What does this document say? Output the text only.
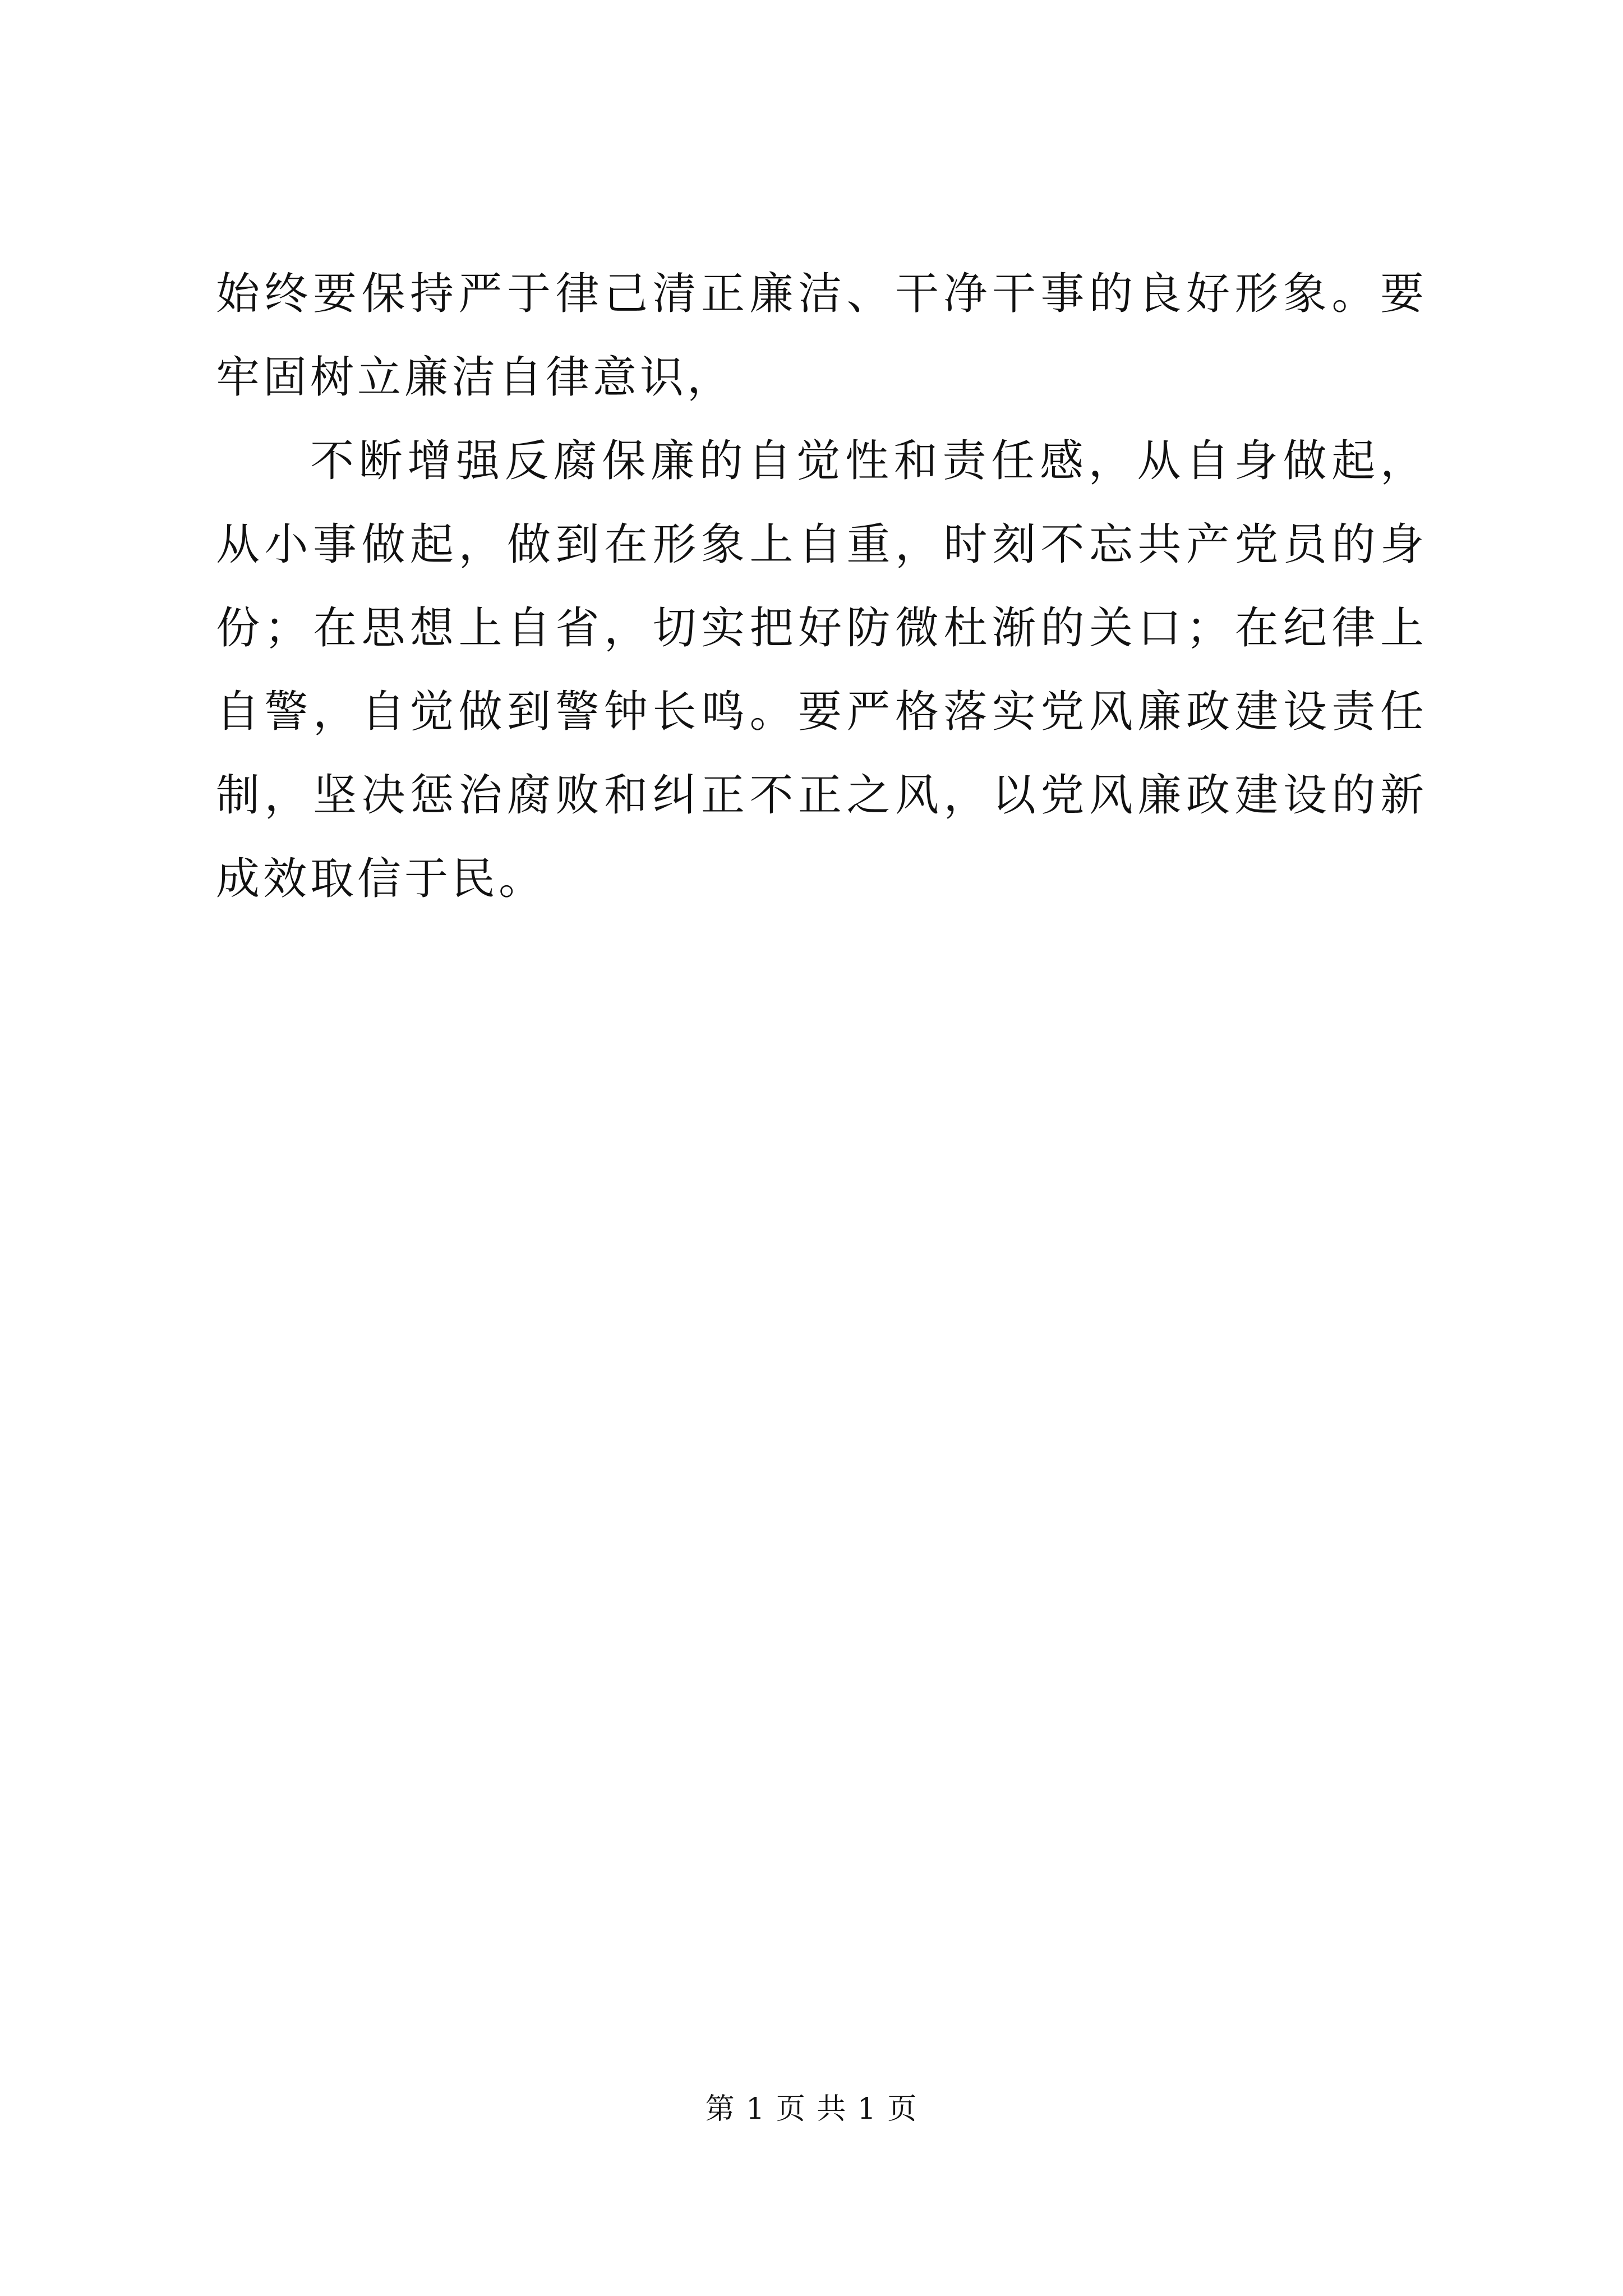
始终要保持严于律己清正廉洁、干净干事的良好形象。要牢固树立廉洁自律意识，

不断增强反腐保廉的自觉性和责任感，从自身做起，从小事做起，做到在形象上自重，时刻不忘共产党员的身份；在思想上自省，切实把好防微杜渐的关口；在纪律上自警，自觉做到警钟长鸣。要严格落实党风廉政建设责任制，坚决惩治腐败和纠正不正之风，以党风廉政建设的新成效取信于民。

第 1 页 共 1 页
